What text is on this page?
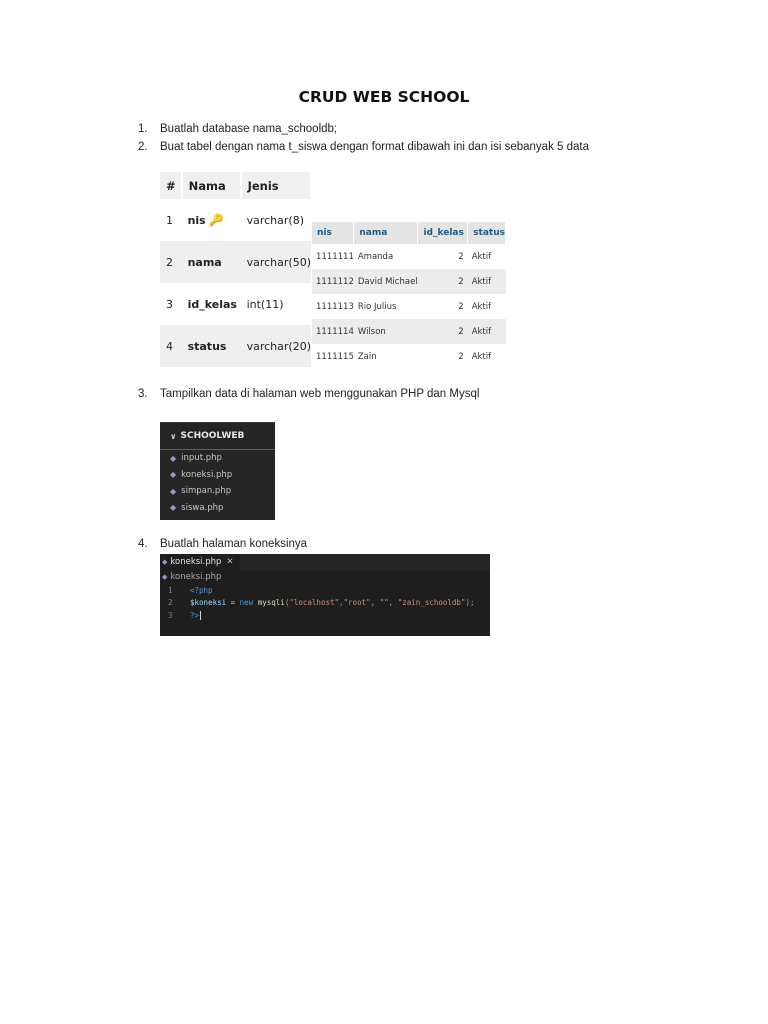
CRUD WEB SCHOOL
1. Buatlah database nama_schooldb;
2. Buat tabel dengan nama t_siswa dengan format dibawah ini dan isi sebanyak 5 data
#	Nama	Jenis
1	nis 🔑	varchar(8)
2	nama	varchar(50)
3	id_kelas	int(11)
4	status	varchar(20)
nis	nama	id_kelas	status
1111111	Amanda	2	Aktif
1111112	David Michael	2	Aktif
1111113	Rio Julius	2	Aktif
1111114	Wilson	2	Aktif
1111115	Zain	2	Aktif
3. Tampilkan data di halaman web menggunakan PHP dan Mysql
∨ SCHOOLWEB
◆ input.php
◆ koneksi.php
◆ simpan.php
◆ siswa.php
4. Buatlah halaman koneksinya
◆ koneksi.php ✕
◆ koneksi.php
1	<?php
2	$koneksi = new mysqli("localhost","root", "", "zain_schooldb");
3	?>
